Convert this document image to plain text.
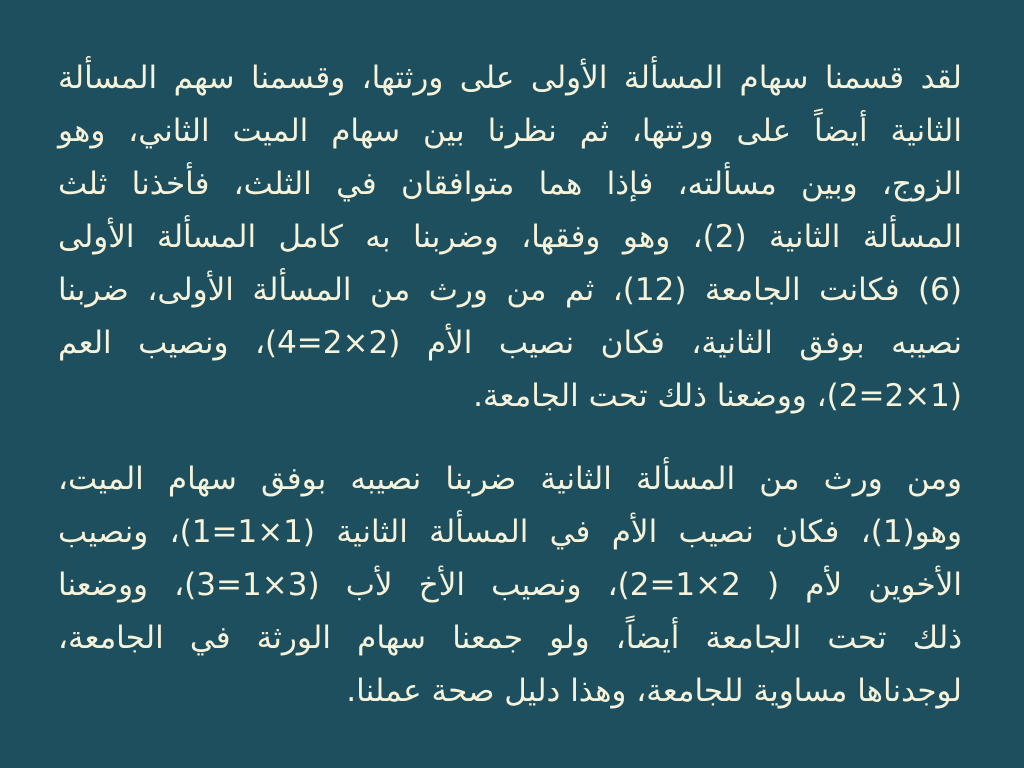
لقد قسمنا سهام المسألة الأولى على ورثتها، وقسمنا سهم المسألة
الثانية أيضاً على ورثتها، ثم نظرنا بين سهام الميت الثاني، وهو
الزوج، وبين مسألته، فإذا هما متوافقان في الثلث، فأخذنا ثلث
المسألة الثانية (2)، وهو وفقها، وضربنا به كامل المسألة الأولى
(6) فكانت الجامعة (12)، ثم من ورث من المسألة الأولى، ضربنا
نصيبه بوفق الثانية، فكان نصيب الأم (2×2=4)، ونصيب العم
(1×2=2)، ووضعنا ذلك تحت الجامعة.

ومن ورث من المسألة الثانية ضربنا نصيبه بوفق سهام الميت،
وهو(1)، فكان نصيب الأم في المسألة الثانية (1×1=1)، ونصيب
الأخوين لأم ( 2×1=2)، ونصيب الأخ لأب (3×1=3)، ووضعنا
ذلك تحت الجامعة أيضاً، ولو جمعنا سهام الورثة في الجامعة،
لوجدناها مساوية للجامعة، وهذا دليل صحة عملنا.
